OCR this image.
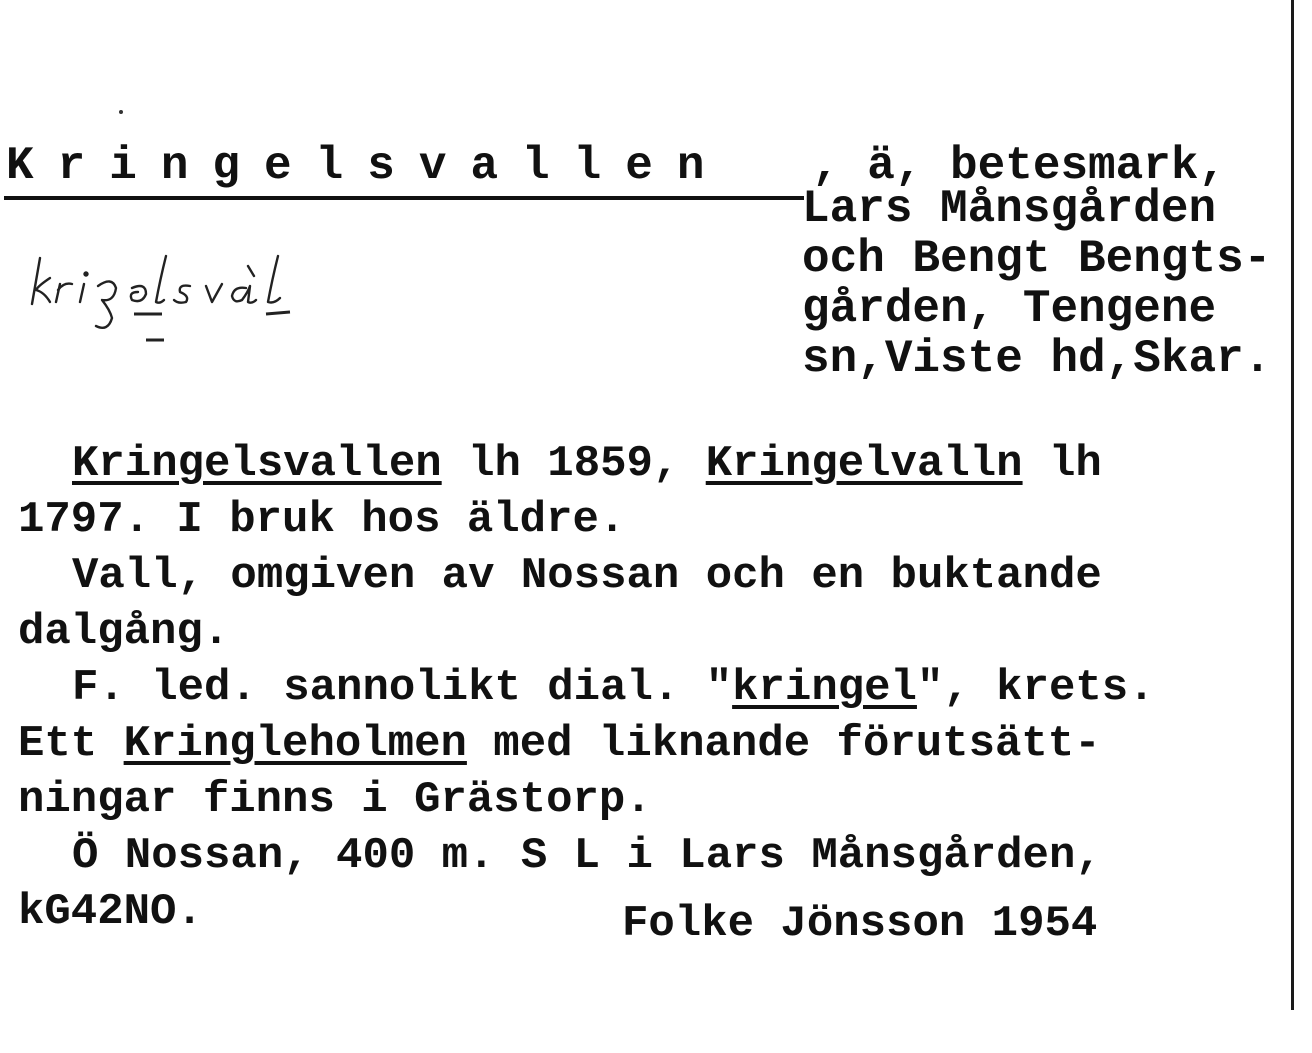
Kringelsvallen , ä, betesmark,
Lars Månsgården
och Bengt Bengts-
gården, Tengene
sn,Viste hd,Skar.
Kringelsvallen lh 1859, Kringelvalln lh
1797. I bruk hos äldre.
Vall, omgiven av Nossan och en buktande
dalgång.
F. led. sannolikt dial. "kringel", krets.
Ett Kringleholmen med liknande förutsätt-
ningar finns i Grästorp.
Ö Nossan, 400 m. S L i Lars Månsgården,
kG42NO.	Folke Jönsson 1954
